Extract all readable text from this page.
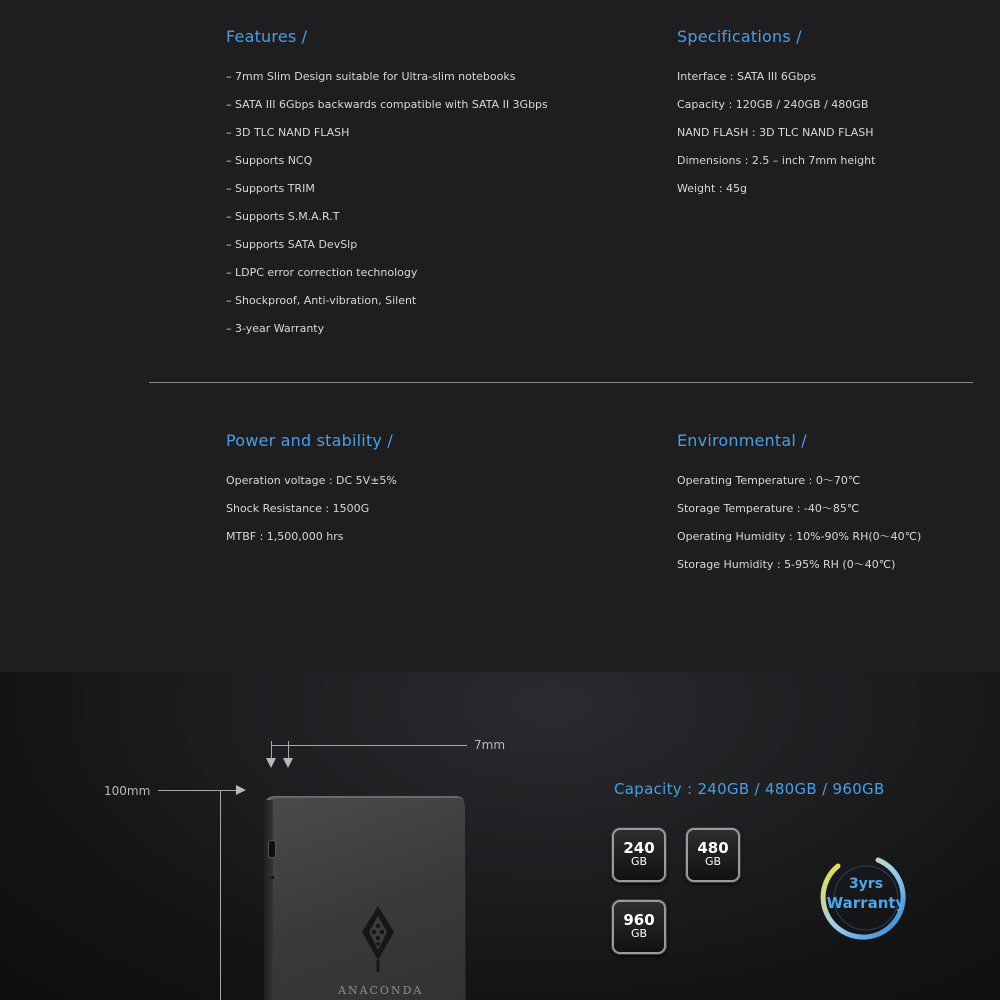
Features /
– 7mm Slim Design suitable for Ultra-slim notebooks
– SATA III 6Gbps backwards compatible with SATA II 3Gbps
– 3D TLC NAND FLASH
– Supports NCQ
– Supports TRIM
– Supports S.M.A.R.T
– Supports SATA DevSlp
– LDPC error correction technology
– Shockproof, Anti-vibration, Silent
– 3-year Warranty
Specifications /
Interface : SATA III 6Gbps
Capacity : 120GB / 240GB / 480GB
NAND FLASH : 3D TLC NAND FLASH
Dimensions : 2.5 – inch 7mm height
Weight : 45g
Power and stability /
Operation voltage : DC 5V±5%
Shock Resistance : 1500G
MTBF : 1,500,000 hrs
Environmental /
Operating Temperature : 0～70℃
Storage Temperature : -40～85℃
Operating Humidity : 10%-90% RH(0～40℃)
Storage Humidity : 5-95% RH (0～40℃)
7mm
100mm
ANACONDA
Capacity : 240GB / 480GB / 960GB
240
GB
480
GB
960
GB
3yrs
Warranty
